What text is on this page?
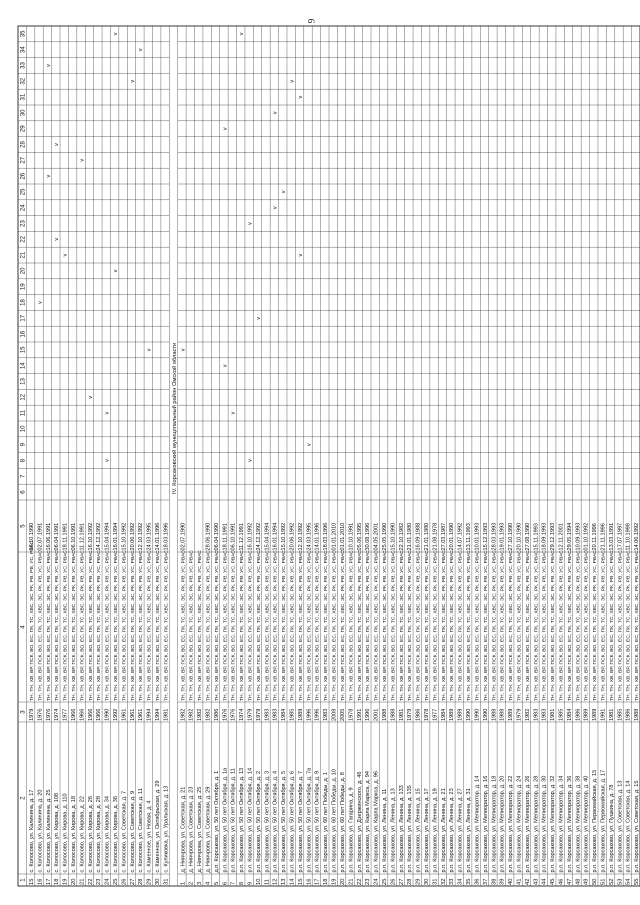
9
1
2
3
4
5
6
7
8
9
10
11
12
13
14
15
16
17
18
19
20
21
22
23
24
25
26
27
28
29
30
31
32
33
34
35
15
с. Колосово, ул. Калинина, д. 17
1979
ТН, ТН, ХВ, ВР, ПСК, ВО, ЕС, ПК, ТС, ХВС, ЭС, РК, РВ, РВ, УС, РВАС
06.10.1990
16
с. Колосово, ул. Калинина, д. 20
1976
ТН, ТН, ХВ, ВР, ПСК, ВО, ЕС, ПК, ТС, ХВС, ЭС, РК, РВ, УС, РВАС
02.07.1991
17
с. Колосово, ул. Калинина, д. 25
1976
ТН, ТН, ХВ, ВР, ПСК, ВО, ЕС, ПК, ТС, ХВС, ЭС, РК, РВ, УС, РВАС
16.06.1991
18
с. Колосово, ул. Кирова, д. 108
1974
ТН, ТН, ХВ, ВР, ПСК, ВО, ЕС, ПК, ТС, ХВС, ЭС, РК, РВ, УС, РВАС
06.04.1991
19
с. Колосово, ул. Кирова, д. 110
1977
ТН, ТН, ХВ, ВР, ПСК, ВО, ЕС, ПК, ТС, ХВС, ЭС, РК, РВ, УС, РВАС
18.11.1991
20
с. Колосово, ул. Кирова, д. 18
1966
ТН, ТН, ХВ, ВР, ПСК, ВО, ЕС, ПК, ТС, ХВС, ЭС, РК, РВ, УС, РВАС
06.10.1991
21
с. Колосово, ул. Кирова, д. 22
1966
ТН, ТН, ХВ, ВР, ПСК, ВО, ЕС, ПК, ТС, ХВС, ЭС, РК, РВ, УС, РВАС
11.12.1991
22
с. Колосово, ул. Кирова, д. 26
1966
ТН, ТН, ХВ, ВР, ПСК, ВО, ЕС, ПК, ТС, ХВС, ЭС, РК, РВ, УС, РВАС
16.10.1992
23
с. Колосово, ул. Кирова, д. 28
1966
ТН, ТН, ХВ, ВР, ПСК, ВО, ЕС, ПК, ТС, ХВС, ЭС, РК, РВ, УС, РВАС
24.12.1992
24
с. Колосово, ул. Кирова, д. 34
1990
ТН, ТН, ХВ, ВР, ПСК, ВО, ЕС, ПК, ТС, ХВС, ЭС, РК, РВ, УС, РВАС
15.04.1994
25
с. Колосово, ул. Кирова, д. 36
1992
ТН, ТН, ХВ, ВР, ПСК, ВО, ЕС, ПК, ТС, ХВС, ЭС, РК, РВ, УС, РВАС
16.01.1994
26
с. Колосово, ул. Советская, д. 7
1961
ТН, ТН, ХВ, ВР, ПСК, ВО, ЕС, ПК, ТС, ХВС, ЭС, РК, РВ, УС, РВАС
15.10.1992
27
с. Колосово, ул. Советская, д. 9
1961
ТН, ТН, ХВ, ВР, ПСК, ВО, ЕС, ПК, ТС, ХВС, ЭС, РК, РВ, УС, РВАС
20.06.1992
28
с. Колосово, ул. Советская, д. 11
1961
ТН, ТН, ХВ, ВР, ПСК, ВО, ЕС, ПК, ТС, ХВС, ЭС, РК, РВ, УС, РВАС
12.10.1992
29
с. Каменное, ул. Новая, д. 4
1994
ТН, ТН, ХВ, ВР, ПСК, ВО, ЕС, ПК, ТС, ХВС, ЭС, РК, РВ, УС, РВАС
24.03.1995
30
с. Каменное, ул. Октябрьская, д. 29
1994
ТН, ТН, ХВ, ВР, ПСК, ВО, ЕС, ПК, ТС, ХВС, ЭС, РК, РВ, УС, РВАС
14.01.1996
31
с. Куликовка, ул. Уральская, д. 13
1981
ТН, ТН, ХВ, ВР, ПСК, ВО, ЕС, ПК, ТС, ХВС, ЭС, РК, РВ, УС, РВАС
18.03.1996
IV. Корсаковский муниципальный район Омской области
1
д. Ниячрова, ул. Советская, д. 21
1982
ТН, ТН, ХВ, ВР, ПСК, ВО, ЕС, ПК, ТС, ХВС, ЭС, РК, РВ, УС, РВАС
02.07.1990
2
д. Ниячрова, ул. Советская, д. 23
1982
ТН, ТН, ХВ, ВР, ПСК, ВО, ЕС, ПК, ТС, ХВС, ЭС, РК, РВ, УС, РВАС
3
д. Ниячрова, ул. Советская, д. 25
1982
ТН, ТН, ХВ, ВР, ПСК, ВО, ЕС, ПК, ТС, ХВС, ЭС, РК, РВ, УС, РВАС
4
д. Ниячрова, ул. Советская, д. 29
1982
ТН, ТН, ХВ, ВР, ПСК, ВО, ЕС, ПК, ТС, ХВС, ЭС, РК, РВ, УС, РВАС
28.06.1990
5
д.п. Корсаково, ул. 50 лет Октября, д. 1
1986
ТН, ТН, ХВ, ВР, ПСК, ВО, ЕС, ПК, ТС, ХВС, ЭС, РК, РВ, УС, РВАС
06.04.1990
6
р.п. Корсаково, ул. 50 лет Октября, д. 1а
1976
ТН, ТН, ХВ, ВР, ПСК, ВО, ЕС, ПК, ТС, ХВС, ЭС, РК, РВ, УС, РВАС
18.11.1991
7
р.п. Корсаково, ул. 50 лет Октября, д. 11
1976
ТН, ТН, ХВ, ВР, ПСК, ВО, ЕС, ПК, ТС, ХВС, ЭС, РК, РВ, УС, РВАС
06.10.1991
8
р.п. Корсаково, ул. 50 лет Октября, д. 13
1974
ТН, ТН, ХВ, ВР, ПСК, ВО, ЕС, ПК, ТС, ХВС, ЭС, РК, РВ, УС, РВАС
11.12.1991
9
р.п. Корсаково, ул. 50 лет Октября, д. 14
1979
ТН, ТН, ХВ, ВР, ПСК, ВО, ЕС, ПК, ТС, ХВС, ЭС, РК, РВ, УС, РВАС
16.10.1992
10
р.п. Корсаково, ул. 50 лет Октября, д. 2
1979
ТН, ТН, ХВ, ВР, ПСК, ВО, ЕС, ПК, ТС, ХВС, ЭС, РК, РВ, УС, РВАС
24.12.1992
11
р.п. Корсаково, ул. 50 лет Октября, д. 3
1983
ТН, ТН, ХВ, ВР, ПСК, ВО, ЕС, ПК, ТС, ХВС, ЭС, РК, РВ, УС, РВАС
15.04.1994
12
р.п. Корсаково, ул. 50 лет Октября, д. 4
1983
ТН, ТН, ХВ, ВР, ПСК, ВО, ЕС, ПК, ТС, ХВС, ЭС, РК, РВ, УС, РВАС
16.01.1994
13
р.п. Корсаково, ул. 50 лет Октября, д. 5
1984
ТН, ТН, ХВ, ВР, ПСК, ВО, ЕС, ПК, ТС, ХВС, ЭС, РК, РВ, УС, РВАС
15.10.1992
14
р.п. Корсаково, ул. 50 лет Октября, д. 6
1985
ТН, ТН, ХВ, ВР, ПСК, ВО, ЕС, ПК, ТС, ХВС, ЭС, РК, РВ, УС, РВАС
20.06.1992
15
р.п. Корсаково, ул. 50 лет Октября, д. 7
1989
ТН, ТН, ХВ, ВР, ПСК, ВО, ЕС, ПК, ТС, ХВС, ЭС, РК, РВ, УС, РВАС
12.10.1992
16
р.п. Корсаково, ул. 50 лет Октября, д. 7а
1996
ТН, ТН, ХВ, ВР, ПСК, ВО, ЕС, ПК, ТС, ХВС, ЭС, РК, РВ, УС, РВАС
24.03.1995
17
р.п. Корсаково, ул. 50 лет Октября, д. 9
1996
ТН, ТН, ХВ, ВР, ПСК, ВО, ЕС, ПК, ТС, ХВС, ЭС, РК, РВ, УС, РВАС
14.01.1996
18
р.п. Корсаково, ул. 60 лет Победы, д. 1
1983
ТН, ТН, ХВ, ВР, ПСК, ВО, ЕС, ПК, ТС, ХВС, ЭС, РК, РВ, УС, РВАС
18.03.1996
19
р.п. Корсаково, ул. 60 лет Победы, д. 10
2008
ТН, ТН, ХВ, ВР, ПСК, ВО, ЕС, ПК, ТС, ХВС, ЭС, РК, РВ, УС, РВАС
01.01.2010
20
р.п. Корсаково, ул. 60 лет Победы, д. 8
2005
ТН, ТН, ХВ, ВР, ПСК, ВО, ЕС, ПК, ТС, ХВС, ЭС, РК, РВ, УС, РВАС
01.01.2010
21
р.п. Корсаково, ул. Гагарина, д. 9
1978
ТН, ТН, ХВ, ВР, ПСК, ВО, ЕС, ПК, ТС, ХВС, ЭС, РК, РВ, УС, РВАС
10.10.1991
22
р.п. Корсаково, ул. Дзержинского, д. 46
1991
ТН, ТН, ХВ, ВР, ПСК, ВО, ЕС, ПК, ТС, ХВС, ЭС, РК, РВ, УС, РВАС
05.06.1995
23
р.п. Корсаково, ул. Карла Маркса, д. 94
1996
ТН, ТН, ХВ, ВР, ПСК, ВО, ЕС, ПК, ТС, ХВС, ЭС, РК, РВ, УС, РВАС
30.08.1996
24
р.п. Корсаково, ул. Карла Маркса, д. 96
2001
ТН, ТН, ХВ, ВР, ПСК, ВО, ЕС, ПК, ТС, ХВС, ЭС, РК, РВ, УС, РВАС
04.05.2001
25
р.п. Корсаково, ул. Ленина, д. 11
1988
ТН, ТН, ХВ, ВР, ПСК, ВО, ЕС, ПК, ТС, ХВС, ЭС, РК, РВ, УС, РВАС
25.05.1990
26
р.п. Корсаково, ул. Ленина, д. 13
1988
ТН, ТН, ХВ, ВР, ПСК, ВО, ЕС, ПК, ТС, ХВС, ЭС, РК, РВ, УС, РВАС
15.10.1990
27
р.п. Корсаково, ул. Ленина, д. 133
1981
ТН, ТН, ХВ, ВР, ПСК, ВО, ЕС, ПК, ТС, ХВС, ЭС, РК, РВ, УС, РВАС
22.10.1982
28
р.п. Корсаково, ул. Ленина, д. 135
1979
ТН, ТН, ХВ, ВР, ПСК, ВО, ЕС, ПК, ТС, ХВС, ЭС, РК, РВ, УС, РВАС
21.01.1980
29
р.п. Корсаково, ул. Ленина, д. 15
1986
ТН, ТН, ХВ, ВР, ПСК, ВО, ЕС, ПК, ТС, ХВС, ЭС, РК, РВ, УС, РВАС
16.09.1988
30
р.п. Корсаково, ул. Ленина, д. 17
1978
ТН, ТН, ХВ, ВР, ПСК, ВО, ЕС, ПК, ТС, ХВС, ЭС, РК, РВ, УС, РВАС
21.01.1980
31
р.п. Корсаково, ул. Ленина, д. 19
1977
ТН, ТН, ХВ, ВР, ПСК, ВО, ЕС, ПК, ТС, ХВС, ЭС, РК, РВ, УС, РВАС
21.08.1978
32
р.п. Корсаково, ул. Ленина, д. 21
1984
ТН, ТН, ХВ, ВР, ПСК, ВО, ЕС, ПК, ТС, ХВС, ЭС, РК, РВ, УС, РВАС
27.03.1987
33
р.п. Корсаково, ул. Ленина, д. 23
1989
ТН, ТН, ХВ, ВР, ПСК, ВО, ЕС, ПК, ТС, ХВС, ЭС, РК, РВ, УС, РВАС
20.01.1990
34
р.п. Корсаково, ул. Ленина, д. 27
1989
ТН, ТН, ХВ, ВР, ПСК, ВО, ЕС, ПК, ТС, ХВС, ЭС, РК, РВ, УС, РВАС
14.07.1992
35
р.п. Корсаково, ул. Ленина, д. 31
1990
ТН, ТН, ХВ, ВР, ПСК, ВО, ЕС, ПК, ТС, ХВС, ЭС, РК, РВ, УС, РВАС
13.11.1993
36
р.п. Корсаково, ул. Мелиоратор, д. 14
1990
ТН, ТН, ХВ, ВР, ПСК, ВО, ЕС, ПК, ТС, ХВС, ЭС, РК, РВ, УС, РВАС
10.01.1993
37
р.п. Корсаково, ул. Мелиоратор, д. 16
1990
ТН, ТН, ХВ, ВР, ПСК, ВО, ЕС, ПК, ТС, ХВС, ЭС, РК, РВ, УС, РВАС
15.12.1993
38
р.п. Корсаково, ул. Мелиоратор, д. 18
1988
ТН, ТН, ХВ, ВР, ПСК, ВО, ЕС, ПК, ТС, ХВС, ЭС, РК, РВ, УС, РВАС
28.03.1993
39
р.п. Корсаково, ул. Мелиоратор, д. 20
1988
ТН, ТН, ХВ, ВР, ПСК, ВО, ЕС, ПК, ТС, ХВС, ЭС, РК, РВ, УС, РВАС
19.01.1993
40
р.п. Корсаково, ул. Мелиоратор, д. 22
1989
ТН, ТН, ХВ, ВР, ПСК, ВО, ЕС, ПК, ТС, ХВС, ЭС, РК, РВ, УС, РВАС
27.10.1990
41
р.п. Корсаково, ул. Мелиоратор, д. 24
1979
ТН, ТН, ХВ, ВР, ПСК, ВО, ЕС, ПК, ТС, ХВС, ЭС, РК, РВ, УС, РВАС
20.10.1990
42
р.п. Корсаково, ул. Мелиоратор, д. 26
1982
ТН, ТН, ХВ, ВР, ПСК, ВО, ЕС, ПК, ТС, ХВС, ЭС, РК, РВ, УС, РВАС
27.08.1990
43
р.п. Корсаково, ул. Мелиоратор, д. 28
1983
ТН, ТН, ХВ, ВР, ПСК, ВО, ЕС, ПК, ТС, ХВС, ЭС, РК, РВ, УС, РВАС
15.11.1993
44
р.п. Корсаково, ул. Мелиоратор, д. 30
1983
ТН, ТН, ХВ, ВР, ПСК, ВО, ЕС, ПК, ТС, ХВС, ЭС, РК, РВ, УС, РВАС
18.09.1993
45
р.п. Корсаково, ул. Мелиоратор, д. 32
1981
ТН, ТН, ХВ, ВР, ПСК, ВО, ЕС, ПК, ТС, ХВС, ЭС, РК, РВ, УС, РВАС
29.12.1993
46
р.п. Корсаково, ул. Мелиоратор, д. 34
1985
ТН, ТН, ХВ, ВР, ПСК, ВО, ЕС, ПК, ТС, ХВС, ЭС, РК, РВ, УС, РВАС
12.11.2001
47
р.п. Корсаково, ул. Мелиоратор, д. 36
1984
ТН, ТН, ХВ, ВР, ПСК, ВО, ЕС, ПК, ТС, ХВС, ЭС, РК, РВ, УС, РВАС
29.05.1994
48
р.п. Корсаково, ул. Мелиоратор, д. 38
1986
ТН, ТН, ХВ, ВР, ПСК, ВО, ЕС, ПК, ТС, ХВС, ЭС, РК, РВ, УС, РВАС
10.09.1993
49
р.п. Корсаково, ул. Мелиоратор, д. 40
1989
ТН, ТН, ХВ, ВР, ПСК, ВО, ЕС, ПК, ТС, ХВС, ЭС, РК, РВ, УС, РВАС
01.10.1992
50
р.п. Корсаково, ул. Первомайская, д. 15
1989
ТН, ТН, ХВ, ВР, ПСК, ВО, ЕС, ПК, ТС, ХВС, ЭС, РК, РВ, УС, РВАС
20.11.1996
51
р.п. Корсаково, ул. Первомайская, д. 17
1991
ТН, ТН, ХВ, ВР, ПСК, ВО, ЕС, ПК, ТС, ХВС, ЭС, РК, РВ, УС, РВАС
21.11.1996
52
р.п. Корсаково, ул. Пушкина, д. 78
1981
ТН, ТН, ХВ, ВР, ПСК, ВО, ЕС, ПК, ТС, ХВС, ЭС, РК, РВ, УС, РВАС
13.03.1991
53
р.п. Корсаково, ул. Советская, д. 13
1985
ТН, ТН, ХВ, ВР, ПСК, ВО, ЕС, ПК, ТС, ХВС, ЭС, РК, РВ, УС, РВАС
17.07.1997
54
р.п. Корсаково, ул. Советская, д. 14
1986
ТН, ТН, ХВ, ВР, ПСК, ВО, ЕС, ПК, ТС, ХВС, ЭС, РК, РВ, УС, РВАС
11.10.1998
55
р.п. Корсаково, ул. Советская, д. 15
1988
ТН, ТН, ХВ, ВР, ПСК, ВО, ЕС, ПК, ТС, ХВС, ЭС, РК, РВ, УС, РВАС
14.06.1992
v
v
v
v
v
v
v
v
v
v
v
v
v
v
v
v
v
v
v
v
v
v
v
v
v
v
v
v
v
v
